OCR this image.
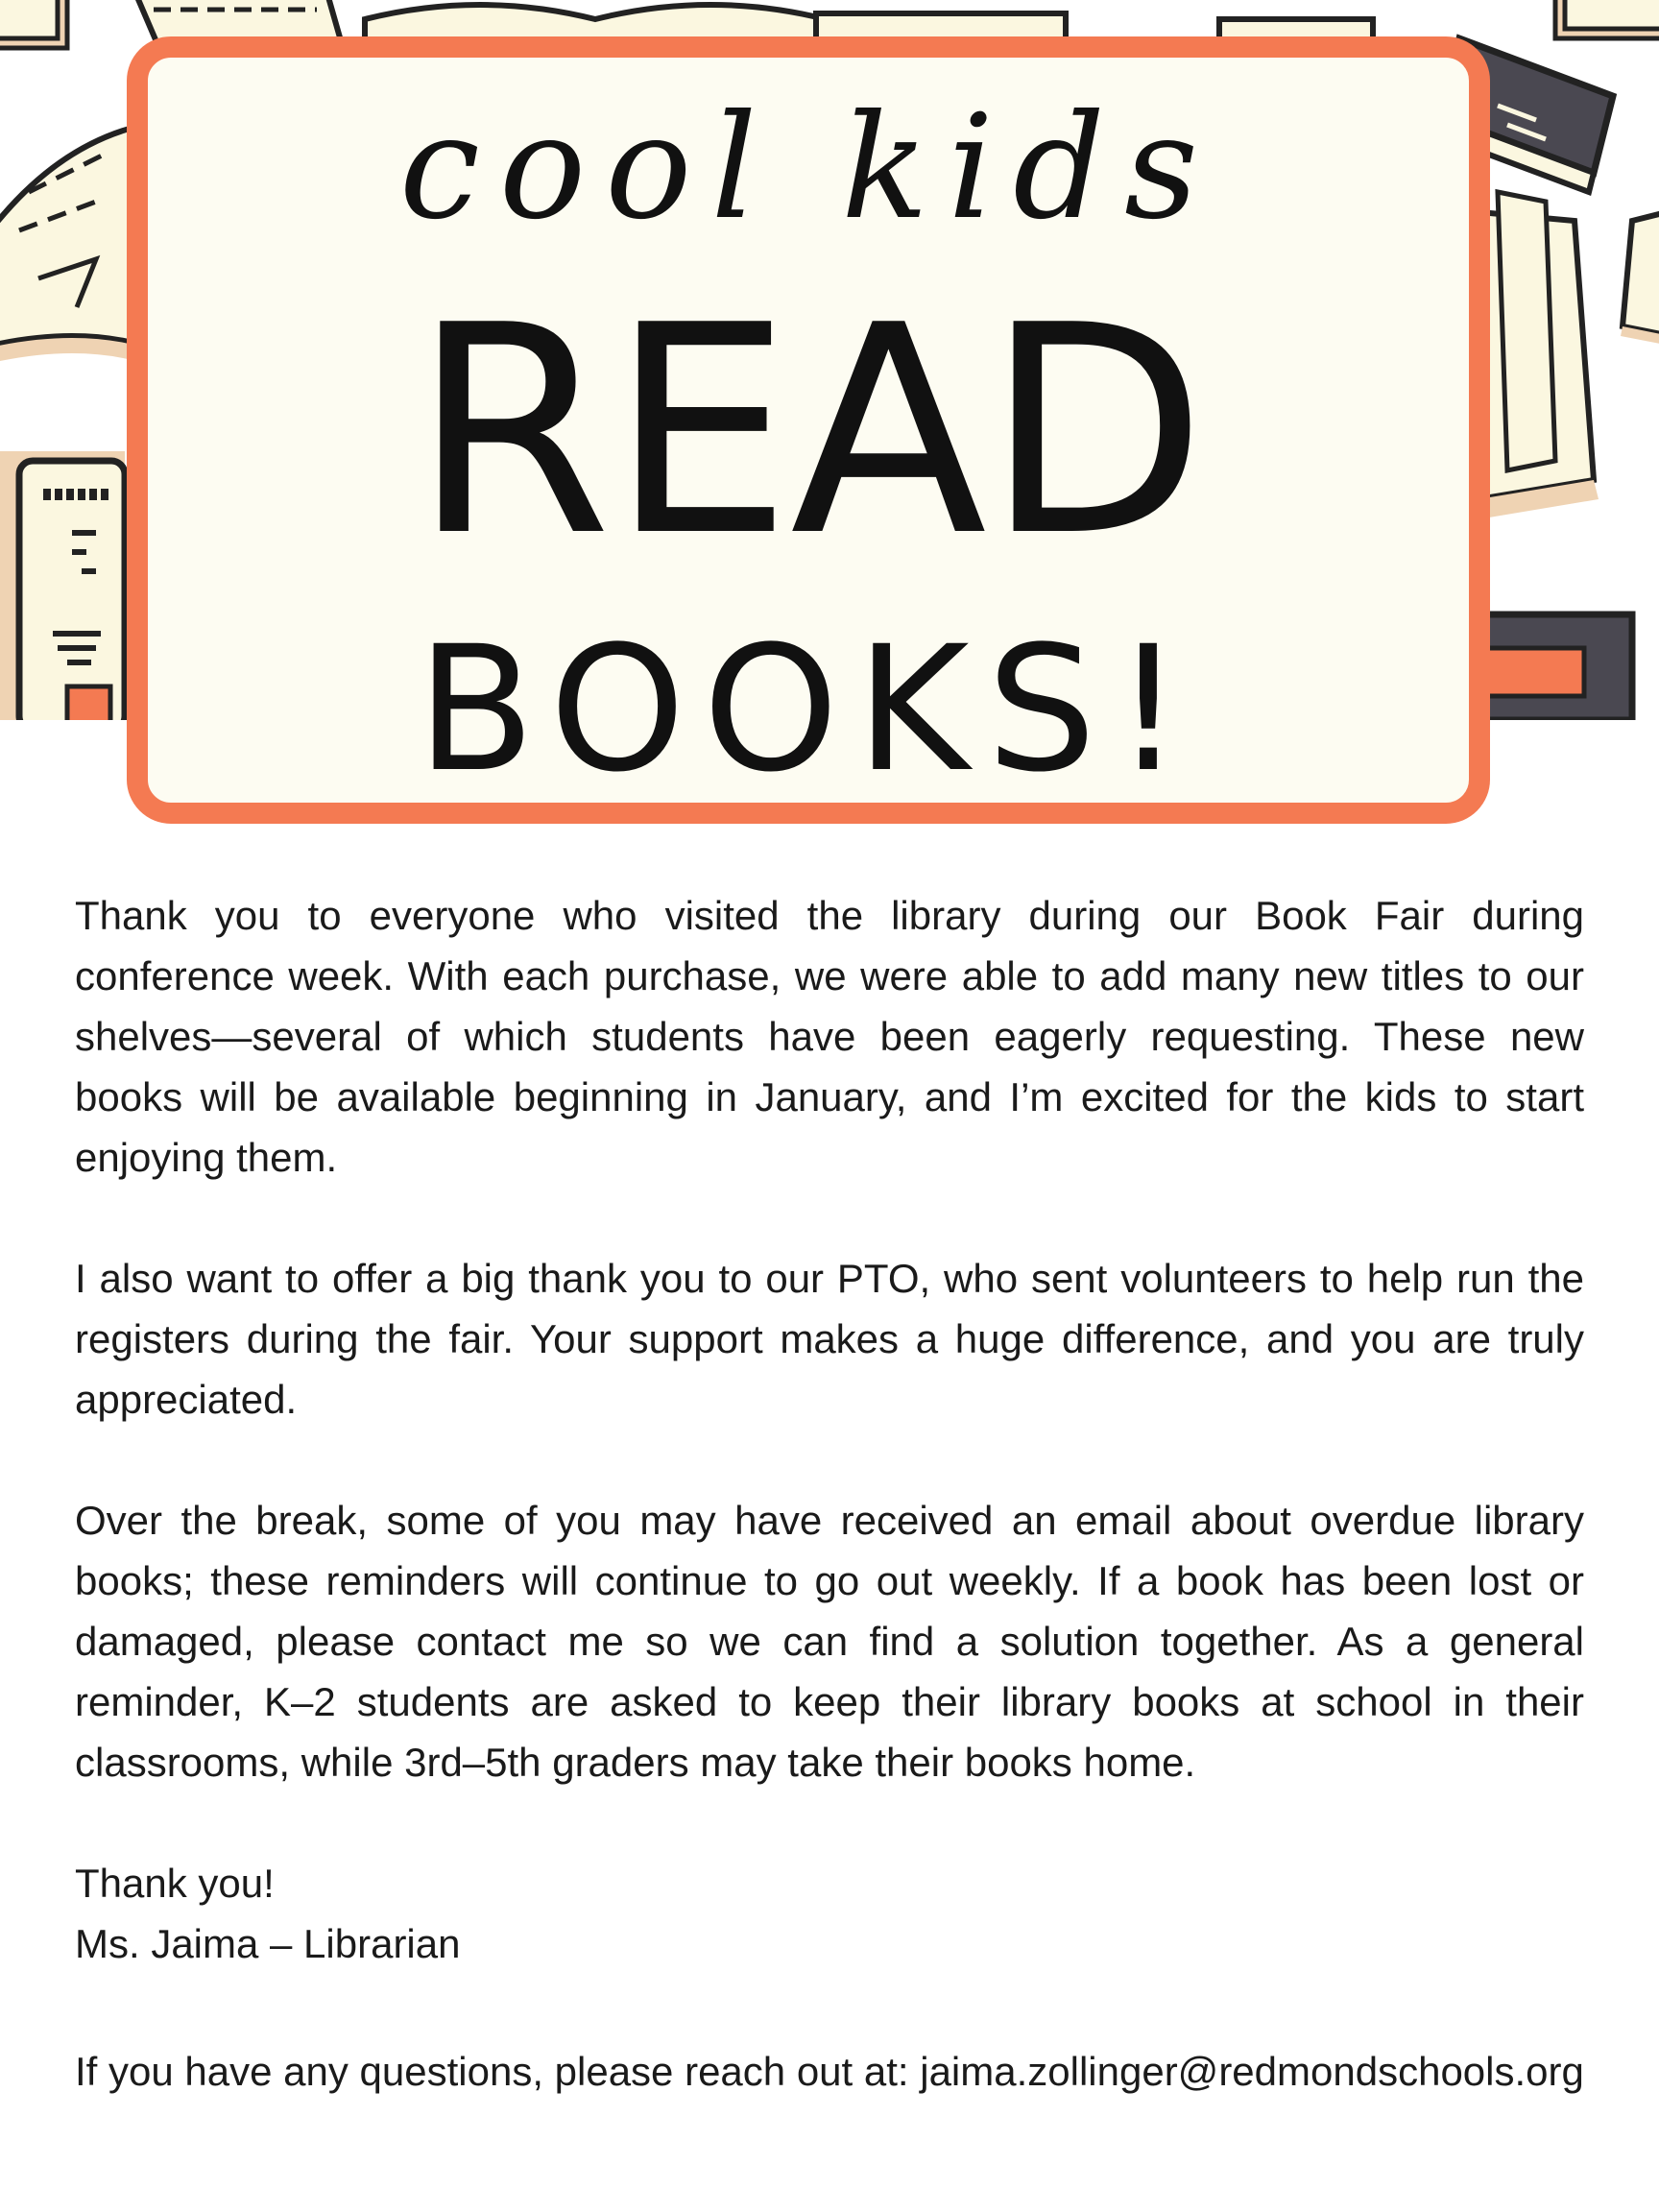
cool kids
READ
BOOKS!

Thank you to everyone who visited the library during our Book Fair during conference week. With each purchase, we were able to add many new titles to our shelves—several of which students have been eagerly requesting. These new books will be available beginning in January, and I’m excited for the kids to start enjoying them.

I also want to offer a big thank you to our PTO, who sent volunteers to help run the registers during the fair. Your support makes a huge difference, and you are truly appreciated.

Over the break, some of you may have received an email about overdue library books; these reminders will continue to go out weekly. If a book has been lost or damaged, please contact me so we can find a solution together. As a general reminder, K–2 students are asked to keep their library books at school in their classrooms, while 3rd–5th graders may take their books home.

Thank you!

Ms. Jaima – Librarian

If you have any questions, please reach out at: jaima.zollinger@redmondschools.org
